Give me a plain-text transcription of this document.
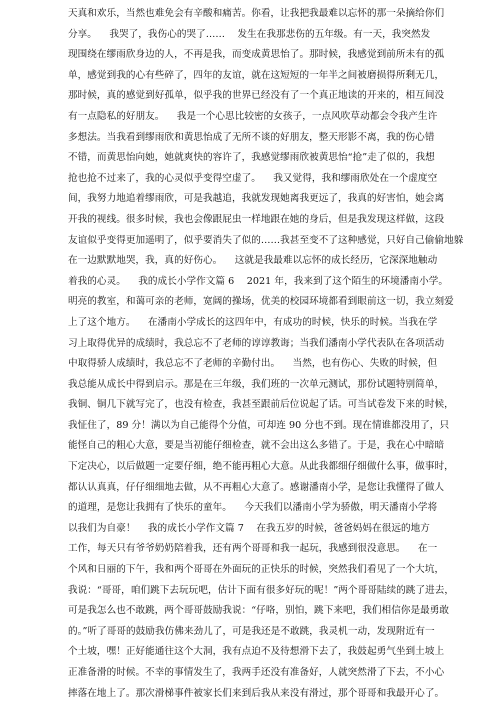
天真和欢乐，当然也难免会有辛酸和痛苦。你看，让我把我最难以忘怀的那一朵摘给你们
分享。    我哭了，我伤心的哭了……    发生在我那悲伤的五年级。有一天，我突然发
现围绕在缪雨欣身边的人，不再是我，而变成黄思怡了。那时候，我感觉到前所未有的孤
单，感觉到我的心有些碎了，四年的友谊，就在这短短的一年半之间被磨损得所剩无几，
那时候，真的感觉到好孤单，似乎我的世界已经没有了一个真正地读的开来的，相互间没
有一点隐私的好朋友。    我是一个心思比较密的女孩子，一点风吹草动都会令我产生许
多想法。当我看到缪雨欣和黄思怡成了无所不谈的好朋友，整天形影不离，我的伤心错
不错，而黄思怡向她，她就爽快的容许了，我感觉缪雨欣被黄思怡“抢”走了似的，我想
抢也抢不过来了，我的心灵似乎变得空虚了。    我又觉得，我和缪雨欣处在一个虚度空
间，我努力地追着缪雨欣，可是我越追，我就发现她离我更远了，我真的好害怕，她会离
开我的视线。很多时候，我也会像跟屁虫一样地跟在她的身后，但是我发现这样做，这段
友谊似乎变得更加遥明了，似乎要消失了似的……我甚至变不了这种感觉，只好自己偷偷地躲
在一边默默地哭，我，真的好伤心。    这就是我最难以忘怀的成长经历，它深深地触动
着我的心灵。    我的成长小学作文篇 6    2021 年，我来到了这个陌生的环境潘南小学。
明亮的教室，和蔼可亲的老师，宽阔的操场，优美的校园环境都看到眼前这一切，我立刻爱
上了这个地方。    在潘南小学成长的这四年中，有成功的时候，快乐的时候。当我在学
习上取得优异的成绩时，我总忘不了老师的谆谆教诲；当我们潘南小学代表队在各项活动
中取得骄人成绩时，我总忘不了老师的辛勤付出。    当然，也有伤心、失败的时候，但
我总能从成长中得到启示。那是在三年级，我们班的一次单元测试，那份试题特别简单，
我铜、铜几下就写完了，也没有检查，我甚至跟前后位说起了话。可当试卷发下来的时候，
我怔住了，89 分！满以为自己能得个分值，可却连 90 分也不到。现在情谁都没用了，只
能怪自己的粗心大意，要是当初能仔细检查，就不会出这么多错了。于是，我在心中暗暗
下定决心，以后做题一定要仔细，绝不能再粗心大意。从此我都细仔细做什么事，做事时，
都认认真真，仔仔细细地去做，从不再粗心大意了。感谢潘南小学，是您让我懂得了做人
的道理，是您让我拥有了快乐的童年。    今天我们以潘南小学为骄傲，明天潘南小学将
以我们为自豪！    我的成长小学作文篇 7    在我五岁的时候，爸爸妈妈在很远的地方
工作，每天只有爷爷奶奶陪着我，还有两个哥哥和我一起玩，我感到很没意思。    在一
个风和日丽的下午，我和两个哥哥在外面玩的正快乐的时候，突然我们看见了一个大坑，
我说：“哥哥，咱们跳下去玩玩吧，估计下面有很多好玩的呢！”两个哥哥陆续的跳了进去，
可是我怎么也不敢跳，两个哥哥鼓励我说：“仔咯，别怕，跳下来吧，我们相信你是最勇敢
的。”听了哥哥的鼓励我仿佛来劲儿了，可是我还是不敢跳，我灵机一动，发现附近有一
个土坡，嘿！正好能通往这个大洞，我有点迫不及待想滑下去了，我鼓起勇气坐到土坡上
正准备滑的时候。不幸的事情发生了，我两手还没有准备好，人就突然滑了下去，不小心
摔落在地上了。那次滑梯事件被家长们来到后我从来没有滑过，那个哥哥和我最开心了。
